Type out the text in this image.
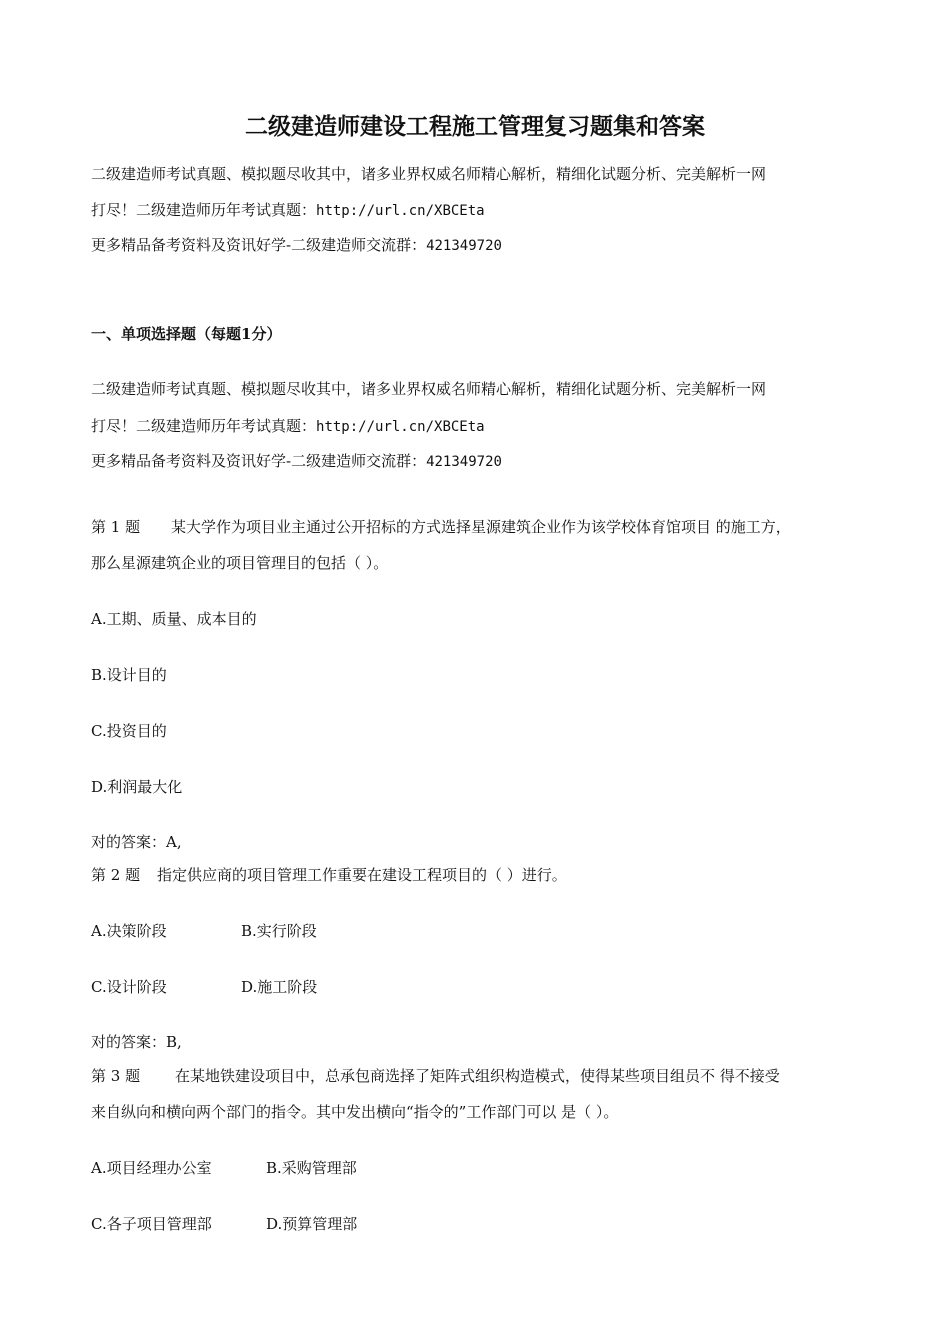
二级建造师建设工程施工管理复习题集和答案
二级建造师考试真题、模拟题尽收其中，诸多业界权威名师精心解析，精细化试题分析、完美解析一网
打尽！二级建造师历年考试真题：http://url.cn/XBCEta
更多精品备考资料及资讯好学-二级建造师交流群：421349720
一、单项选择题（每题1分）
二级建造师考试真题、模拟题尽收其中，诸多业界权威名师精心解析，精细化试题分析、完美解析一网
打尽！二级建造师历年考试真题：http://url.cn/XBCEta
更多精品备考资料及资讯好学-二级建造师交流群：421349720
第 1 题 某大学作为项目业主通过公开招标的方式选择星源建筑企业作为该学校体育馆项目 的施工方，
那么星源建筑企业的项目管理目的包括（ ）。
A.工期、质量、成本目的
B.设计目的
C.投资目的
D.利润最大化
对的答案：A,
第 2 题 指定供应商的项目管理工作重要在建设工程项目的（ ）进行。
A.决策阶段	B.实行阶段
C.设计阶段	D.施工阶段
对的答案：B,
第 3 题 在某地铁建设项目中，总承包商选择了矩阵式组织构造模式，使得某些项目组员不 得不接受
来自纵向和横向两个部门的指令。其中发出横向“指令的”工作部门可以 是（ ）。
A.项目经理办公室	B.采购管理部
C.各子项目管理部	D.预算管理部
